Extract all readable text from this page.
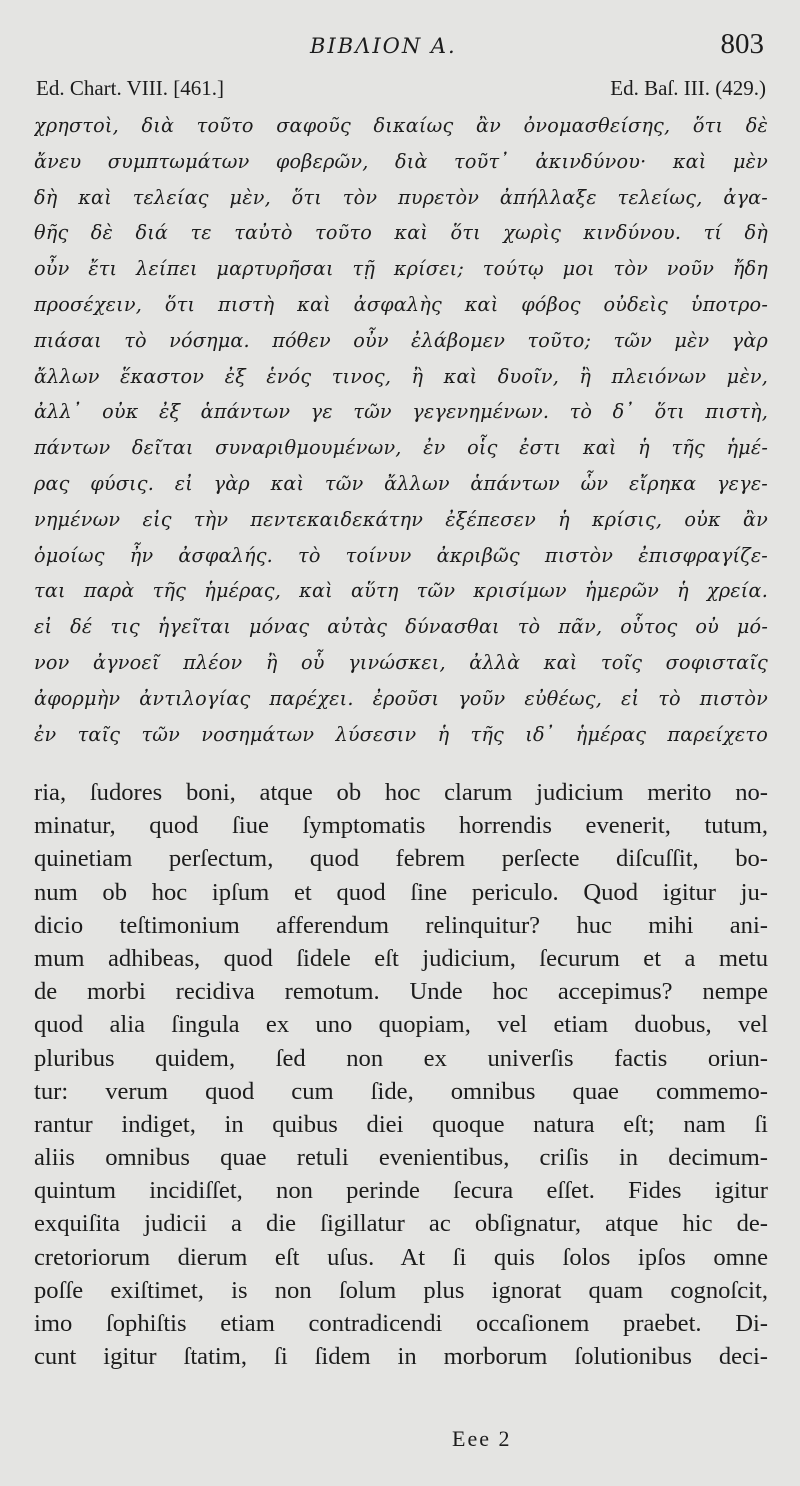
ΒΙΒΛΙΟΝ Α.	803
Ed. Chart. VIII. [461.]	Ed. Baſ. III. (429.)
χρηστοὶ, διὰ τοῦτο σαφοῦς δικαίως ἂν ὀνομασθείσης, ὅτι δὲ
ἄνευ συμπτωμάτων φοβερῶν, διὰ τοῦτ᾽ ἀκινδύνου· καὶ μὲν
δὴ καὶ τελείας μὲν, ὅτι τὸν πυρετὸν ἀπήλλαξε τελείως, ἀγα-
θῆς δὲ διά τε ταὐτὸ τοῦτο καὶ ὅτι χωρὶς κινδύνου. τί δὴ
οὖν ἔτι λείπει μαρτυρῆσαι τῇ κρίσει; τούτῳ μοι τὸν νοῦν ἤδη
προσέχειν, ὅτι πιστὴ καὶ ἀσφαλὴς καὶ φόβος οὐδεὶς ὑποτρο-
πιάσαι τὸ νόσημα. πόθεν οὖν ἐλάβομεν τοῦτο; τῶν μὲν γὰρ
ἄλλων ἕκαστον ἐξ ἑνός τινος, ἢ καὶ δυοῖν, ἢ πλειόνων μὲν,
ἀλλ᾽ οὐκ ἐξ ἁπάντων γε τῶν γεγενημένων. τὸ δ᾽ ὅτι πιστὴ,
πάντων δεῖται συναριθμουμένων, ἐν οἷς ἐστι καὶ ἡ τῆς ἡμέ-
ρας φύσις. εἰ γὰρ καὶ τῶν ἄλλων ἁπάντων ὧν εἴρηκα γεγε-
νημένων εἰς τὴν πεντεκαιδεκάτην ἐξέπεσεν ἡ κρίσις, οὐκ ἂν
ὁμοίως ἦν ἀσφαλής. τὸ τοίνυν ἀκριβῶς πιστὸν ἐπισφραγίζε-
ται παρὰ τῆς ἡμέρας, καὶ αὕτη τῶν κρισίμων ἡμερῶν ἡ χρεία.
εἰ δέ τις ἡγεῖται μόνας αὐτὰς δύνασθαι τὸ πᾶν, οὗτος οὐ μό-
νον ἀγνοεῖ πλέον ἢ οὗ γινώσκει, ἀλλὰ καὶ τοῖς σοφισταῖς
ἀφορμὴν ἀντιλογίας παρέχει. ἐροῦσι γοῦν εὐθέως, εἰ τὸ πιστὸν
ἐν ταῖς τῶν νοσημάτων λύσεσιν ἡ τῆς ιδ᾽ ἡμέρας παρείχετο
ria, ſudores boni, atque ob hoc clarum judicium merito no-
minatur, quod ſiue ſymptomatis horrendis evenerit, tutum,
quinetiam perſectum, quod febrem perſecte diſcuſſit, bo-
num ob hoc ipſum et quod ſine periculo. Quod igitur ju-
dicio teſtimonium afferendum relinquitur? huc mihi ani-
mum adhibeas, quod ſidele eſt judicium, ſecurum et a metu
de morbi recidiva remotum. Unde hoc accepimus? nempe
quod alia ſingula ex uno quopiam, vel etiam duobus, vel
pluribus quidem, ſed non ex univerſis factis oriun-
tur: verum quod cum ſide, omnibus quae commemo-
rantur indiget, in quibus diei quoque natura eſt; nam ſi
aliis omnibus quae retuli evenientibus, criſis in decimum-
quintum incidiſſet, non perinde ſecura eſſet. Fides igitur
exquiſita judicii a die ſigillatur ac obſignatur, atque hic de-
cretoriorum dierum eſt uſus. At ſi quis ſolos ipſos omne
poſſe exiſtimet, is non ſolum plus ignorat quam cognoſcit,
imo ſophiſtis etiam contradicendi occaſionem praebet. Di-
cunt igitur ſtatim, ſi ſidem in morborum ſolutionibus deci-
Eee 2
